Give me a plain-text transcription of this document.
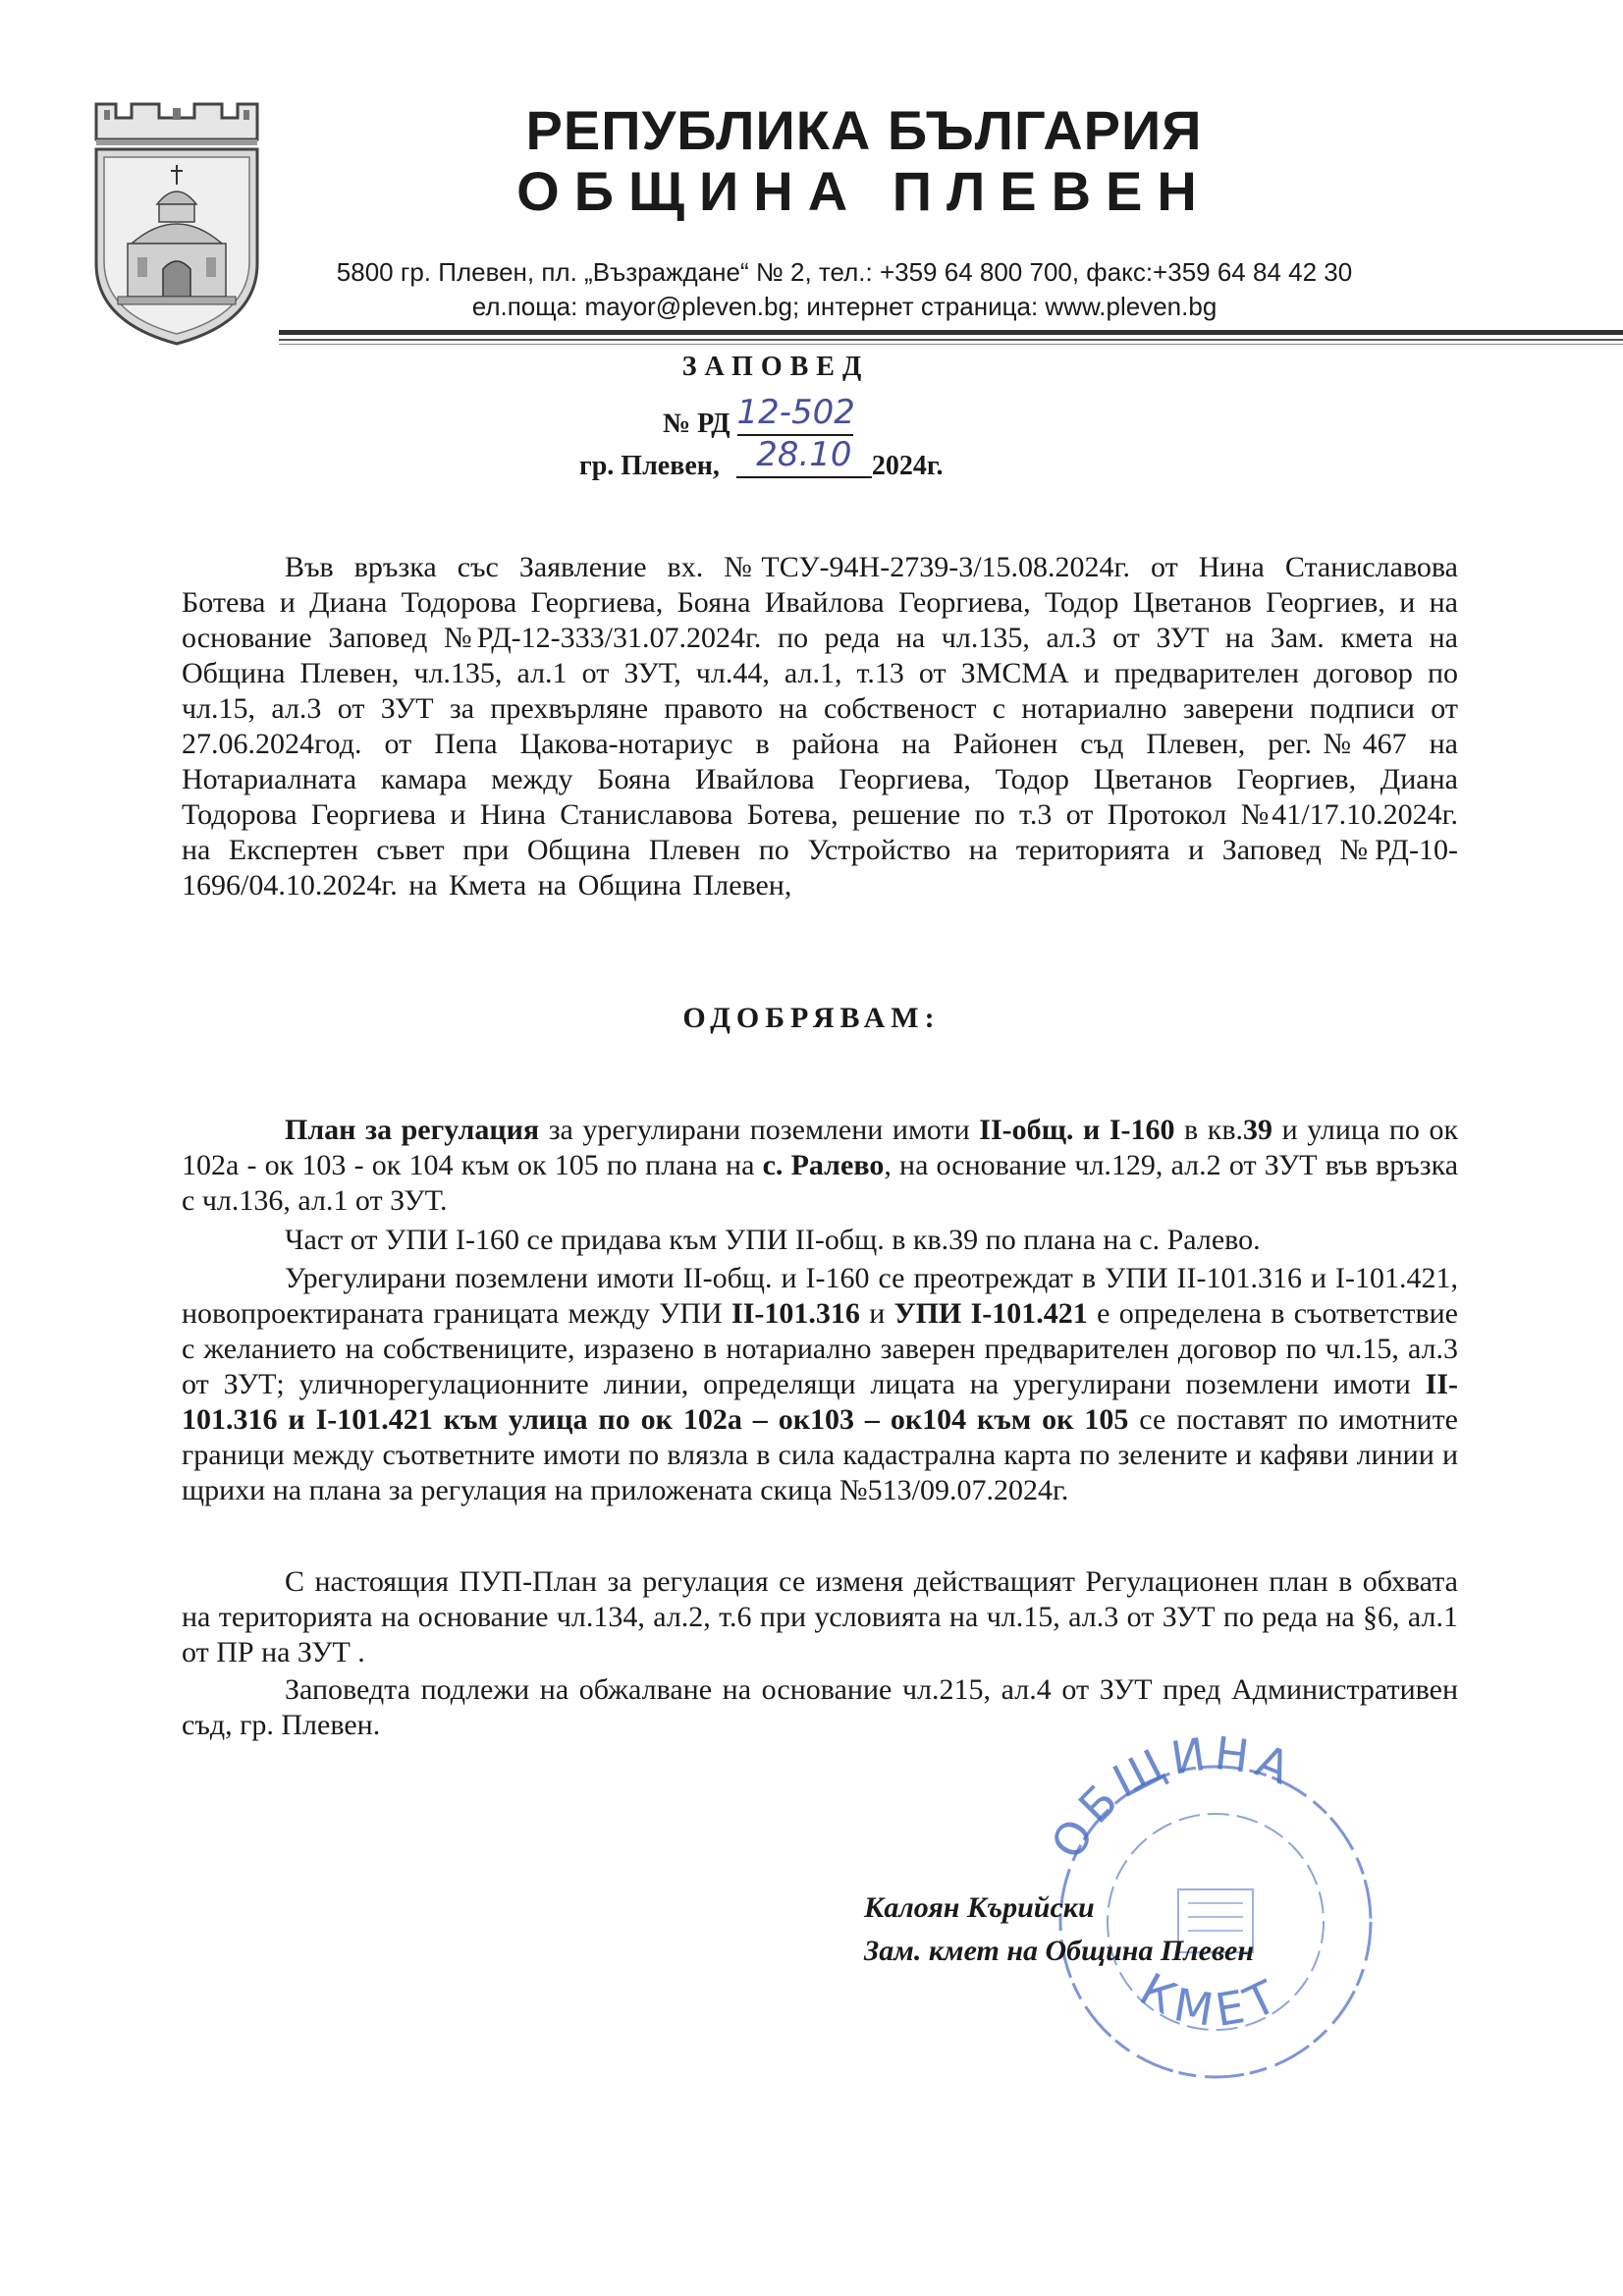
РЕПУБЛИКА БЪЛГАРИЯ
ОБЩИНА ПЛЕВЕН
5800 гр. Плевен, пл. „Възраждане“ № 2, тел.: +359 64 800 700, факс:+359 64 84 42 30
ел.поща: mayor@pleven.bg; интернет страница: www.pleven.bg
ЗАПОВЕД
№ РД 12-502
гр. Плевен,	28.10 2024г.

Във връзка със Заявление вх. №ТСУ-94Н-2739-3/15.08.2024г. от Нина Станиславова Ботева и Диана Тодорова Георгиева, Бояна Ивайлова Георгиева, Тодор Цветанов Георгиев, и на основание Заповед №РД-12-333/31.07.2024г. по реда на чл.135, ал.3 от ЗУТ на Зам. кмета на Община Плевен, чл.135, ал.1 от ЗУТ, чл.44, ал.1, т.13 от ЗМСМА и предварителен договор по чл.15, ал.3 от ЗУТ за прехвърляне правото на собственост с нотариално заверени подписи от 27.06.2024год. от Пепа Цакова-нотариус в района на Районен съд Плевен, рег.№467 на Нотариалната камара между Бояна Ивайлова Георгиева, Тодор Цветанов Георгиев, Диана Тодорова Георгиева и Нина Станиславова Ботева, решение по т.3 от Протокол №41/17.10.2024г. на Експертен съвет при Община Плевен по Устройство на територията и Заповед №РД-10-1696/04.10.2024г. на Кмета на Община Плевен,

ОДОБРЯВАМ:

План за регулация за урегулирани поземлени имоти II-общ. и I-160 в кв.39 и улица по ок 102а - ок 103 - ок 104 към ок 105 по плана на с. Ралево, на основание чл.129, ал.2 от ЗУТ във връзка с чл.136, ал.1 от ЗУТ.

Част от УПИ I-160 се придава към УПИ II-общ. в кв.39 по плана на с. Ралево.

Урегулирани поземлени имоти II-общ. и I-160 се преотреждат в УПИ II-101.316 и I-101.421, новопроектираната границата между УПИ II-101.316 и УПИ I-101.421 е определена в съответствие с желанието на собствениците, изразено в нотариално заверен предварителен договор по чл.15, ал.3 от ЗУТ; уличнорегулационните линии, определящи лицата на урегулирани поземлени имоти II-101.316 и I-101.421 към улица по ок 102а – ок103 – ок104 към ок 105 се поставят по имотните граници между съответните имоти по влязла в сила кадастрална карта по зелените и кафяви линии и щрихи на плана за регулация на приложената скица №513/09.07.2024г.

С настоящия ПУП-План за регулация се изменя действащият Регулационен план в обхвата на територията на основание чл.134, ал.2, т.6 при условията на чл.15, ал.3 от ЗУТ по реда на §6, ал.1 от ПР на ЗУТ .

Заповедта подлежи на обжалване на основание чл.215, ал.4 от ЗУТ пред Административен съд, гр. Плевен.

ОБЩИНА
КМЕТ
Калоян Кърийски
Зам. кмет на Община Плевен
